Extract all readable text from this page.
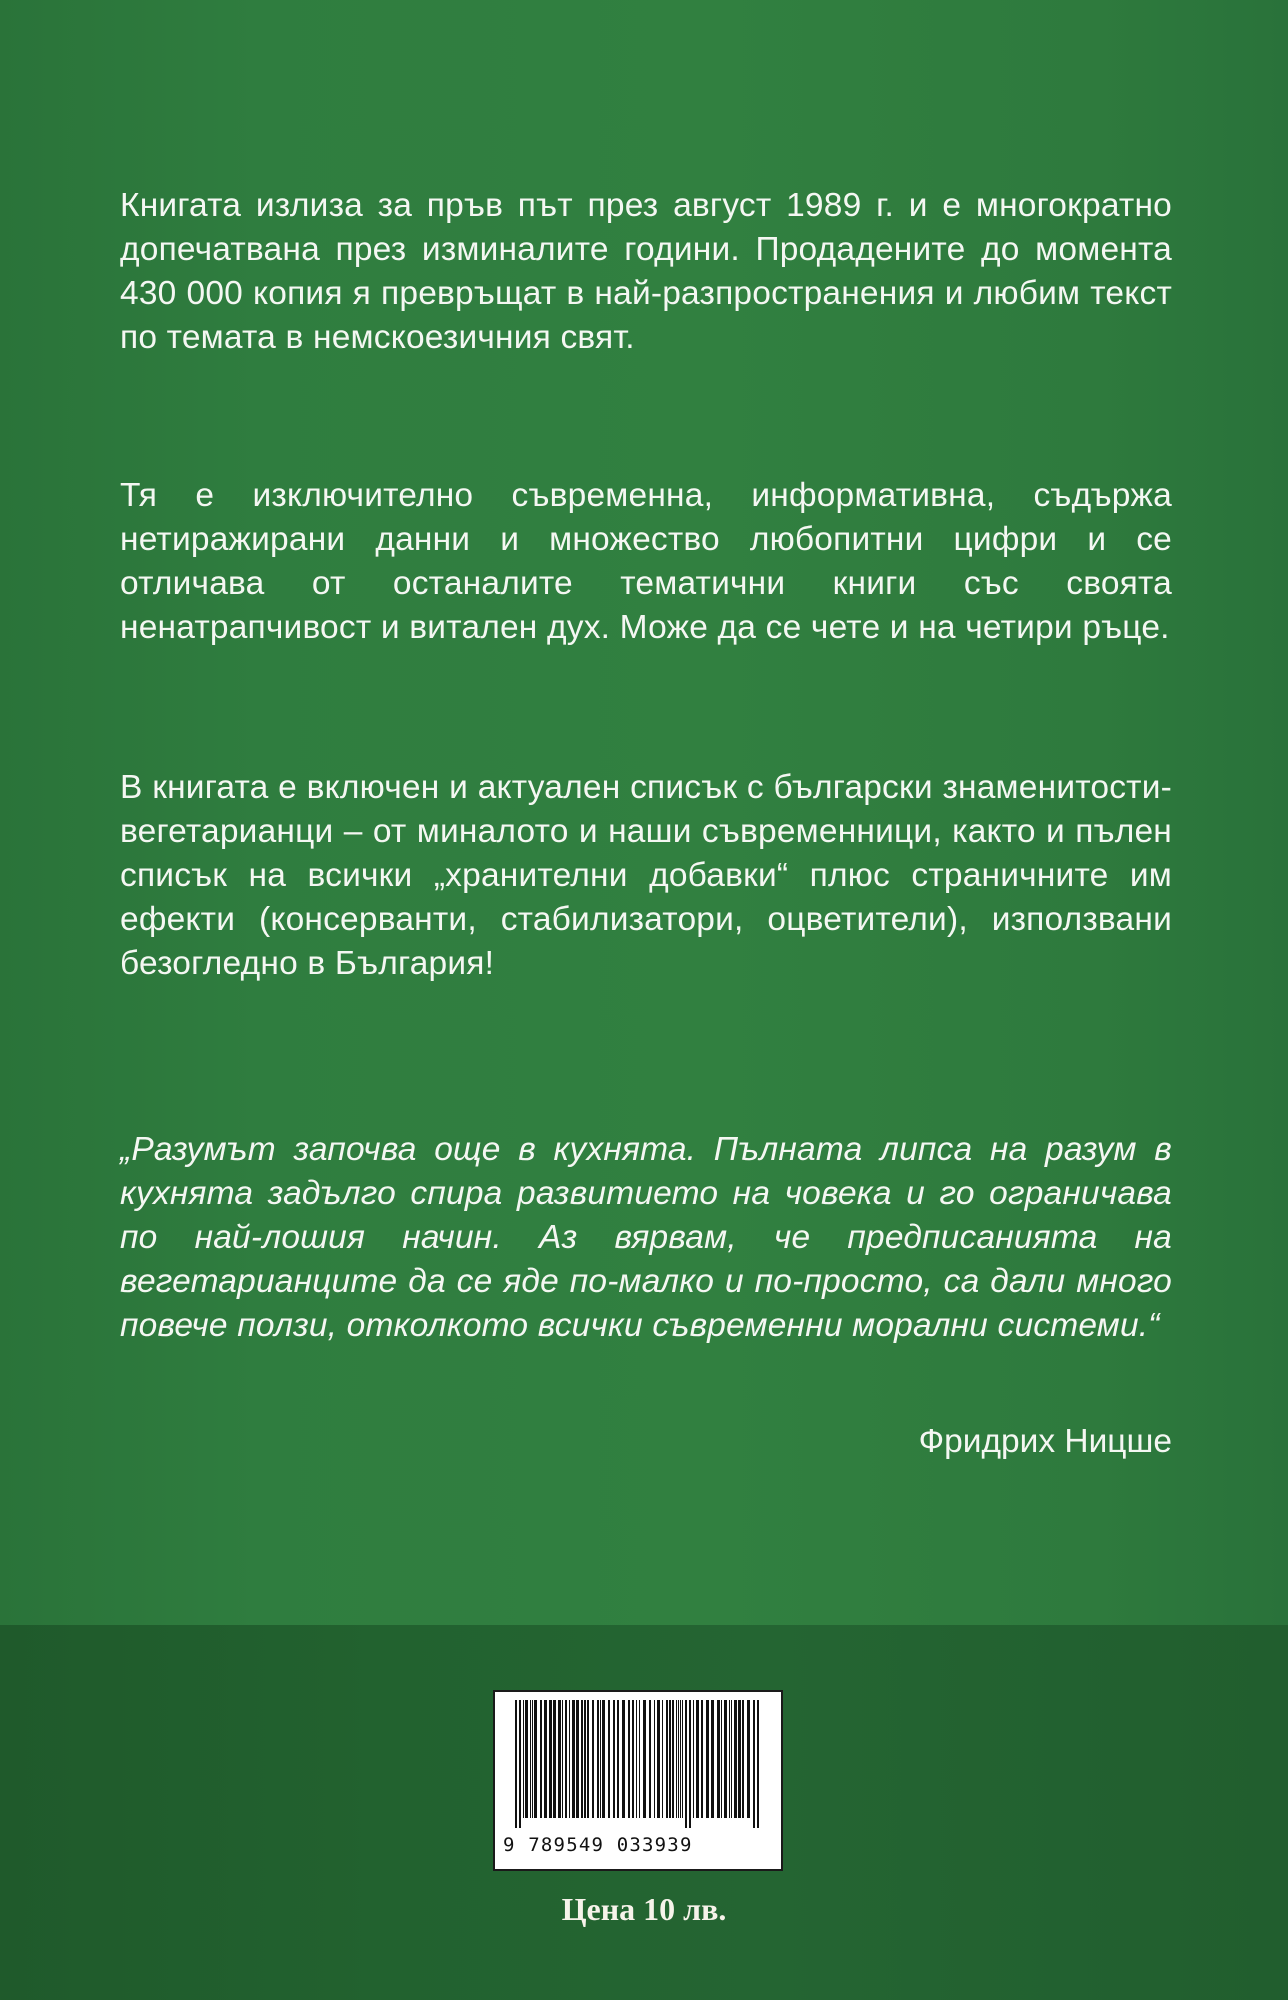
Книгата излиза за пръв път през август 1989 г. и е многократно допечатвана през изминалите години. Продадените до момента 430 000 копия я превръщат в най-разпространения и любим текст по темата в немскоезичния свят.

Тя е изключително съвременна, информативна, съдържа нетиражирани данни и множество любопитни цифри и се отличава от останалите тематични книги със своята ненатрапчивост и витален дух. Може да се чете и на четири ръце.

В книгата е включен и актуален списък с български знаменитости-вегетарианци – от миналото и наши съвременници, както и пълен списък на всички „хранителни добавки“ плюс страничните им ефекти (консерванти, стабилизатори, оцветители), използвани безогледно в България!

„Разумът започва още в кухнята. Пълната липса на разум в кухнята задълго спира развитието на човека и го ограничава по най-лошия начин. Аз вярвам, че предписанията на вегетарианците да се яде по-малко и по-просто, са дали много повече ползи, отколкото всички съвременни морални системи.“

Фридрих Ницше
9 789549 033939
Цена 10 лв.
